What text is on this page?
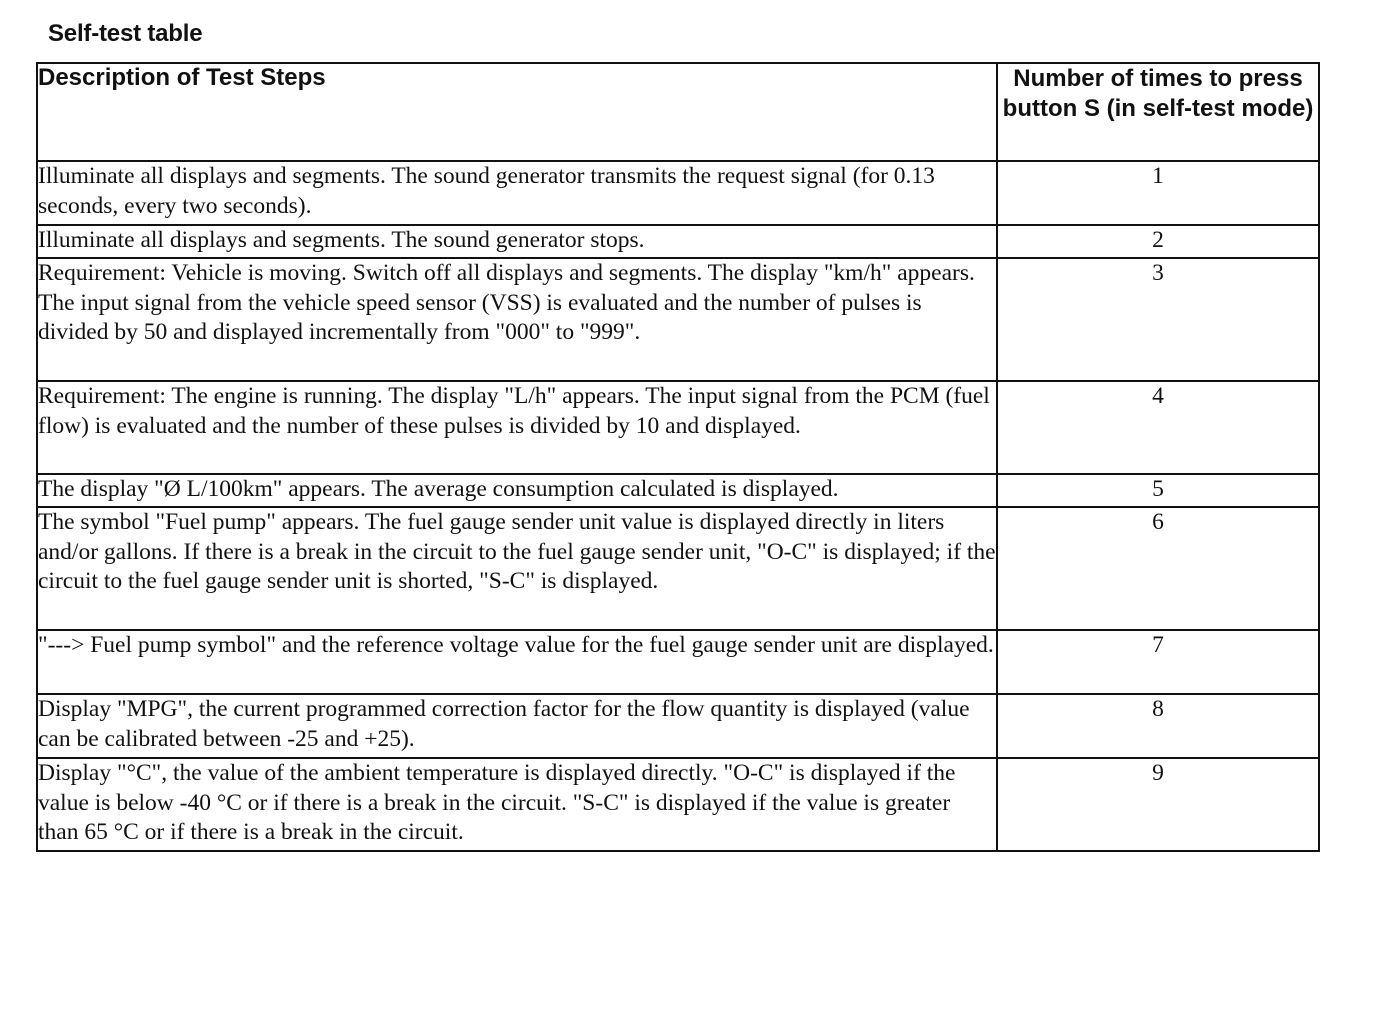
Self-test table
Description of Test Steps	Number of times to press button S (in self-test mode)
Illuminate all displays and segments. The sound generator transmits the request signal (for 0.13 seconds, every two seconds).	1
Illuminate all displays and segments. The sound generator stops.	2
Requirement: Vehicle is moving. Switch off all displays and segments. The display "km/h" appears. The input signal from the vehicle speed sensor (VSS) is evaluated and the number of pulses is divided by 50 and displayed incrementally from "000" to "999".	3
Requirement: The engine is running. The display "L/h" appears. The input signal from the PCM (fuel flow) is evaluated and the number of these pulses is divided by 10 and displayed.	4
The display "Ø L/100km" appears. The average consumption calculated is displayed.	5
The symbol "Fuel pump" appears. The fuel gauge sender unit value is displayed directly in liters and/or gallons. If there is a break in the circuit to the fuel gauge sender unit, "O-C" is displayed; if the circuit to the fuel gauge sender unit is shorted, "S-C" is displayed.	6
"---> Fuel pump symbol" and the reference voltage value for the fuel gauge sender unit are displayed.	7
Display "MPG", the current programmed correction factor for the flow quantity is displayed (value can be calibrated between -25 and +25).	8
Display "°C", the value of the ambient temperature is displayed directly. "O-C" is displayed if the value is below -40 °C or if there is a break in the circuit. "S-C" is displayed if the value is greater than 65 °C or if there is a break in the circuit.	9
